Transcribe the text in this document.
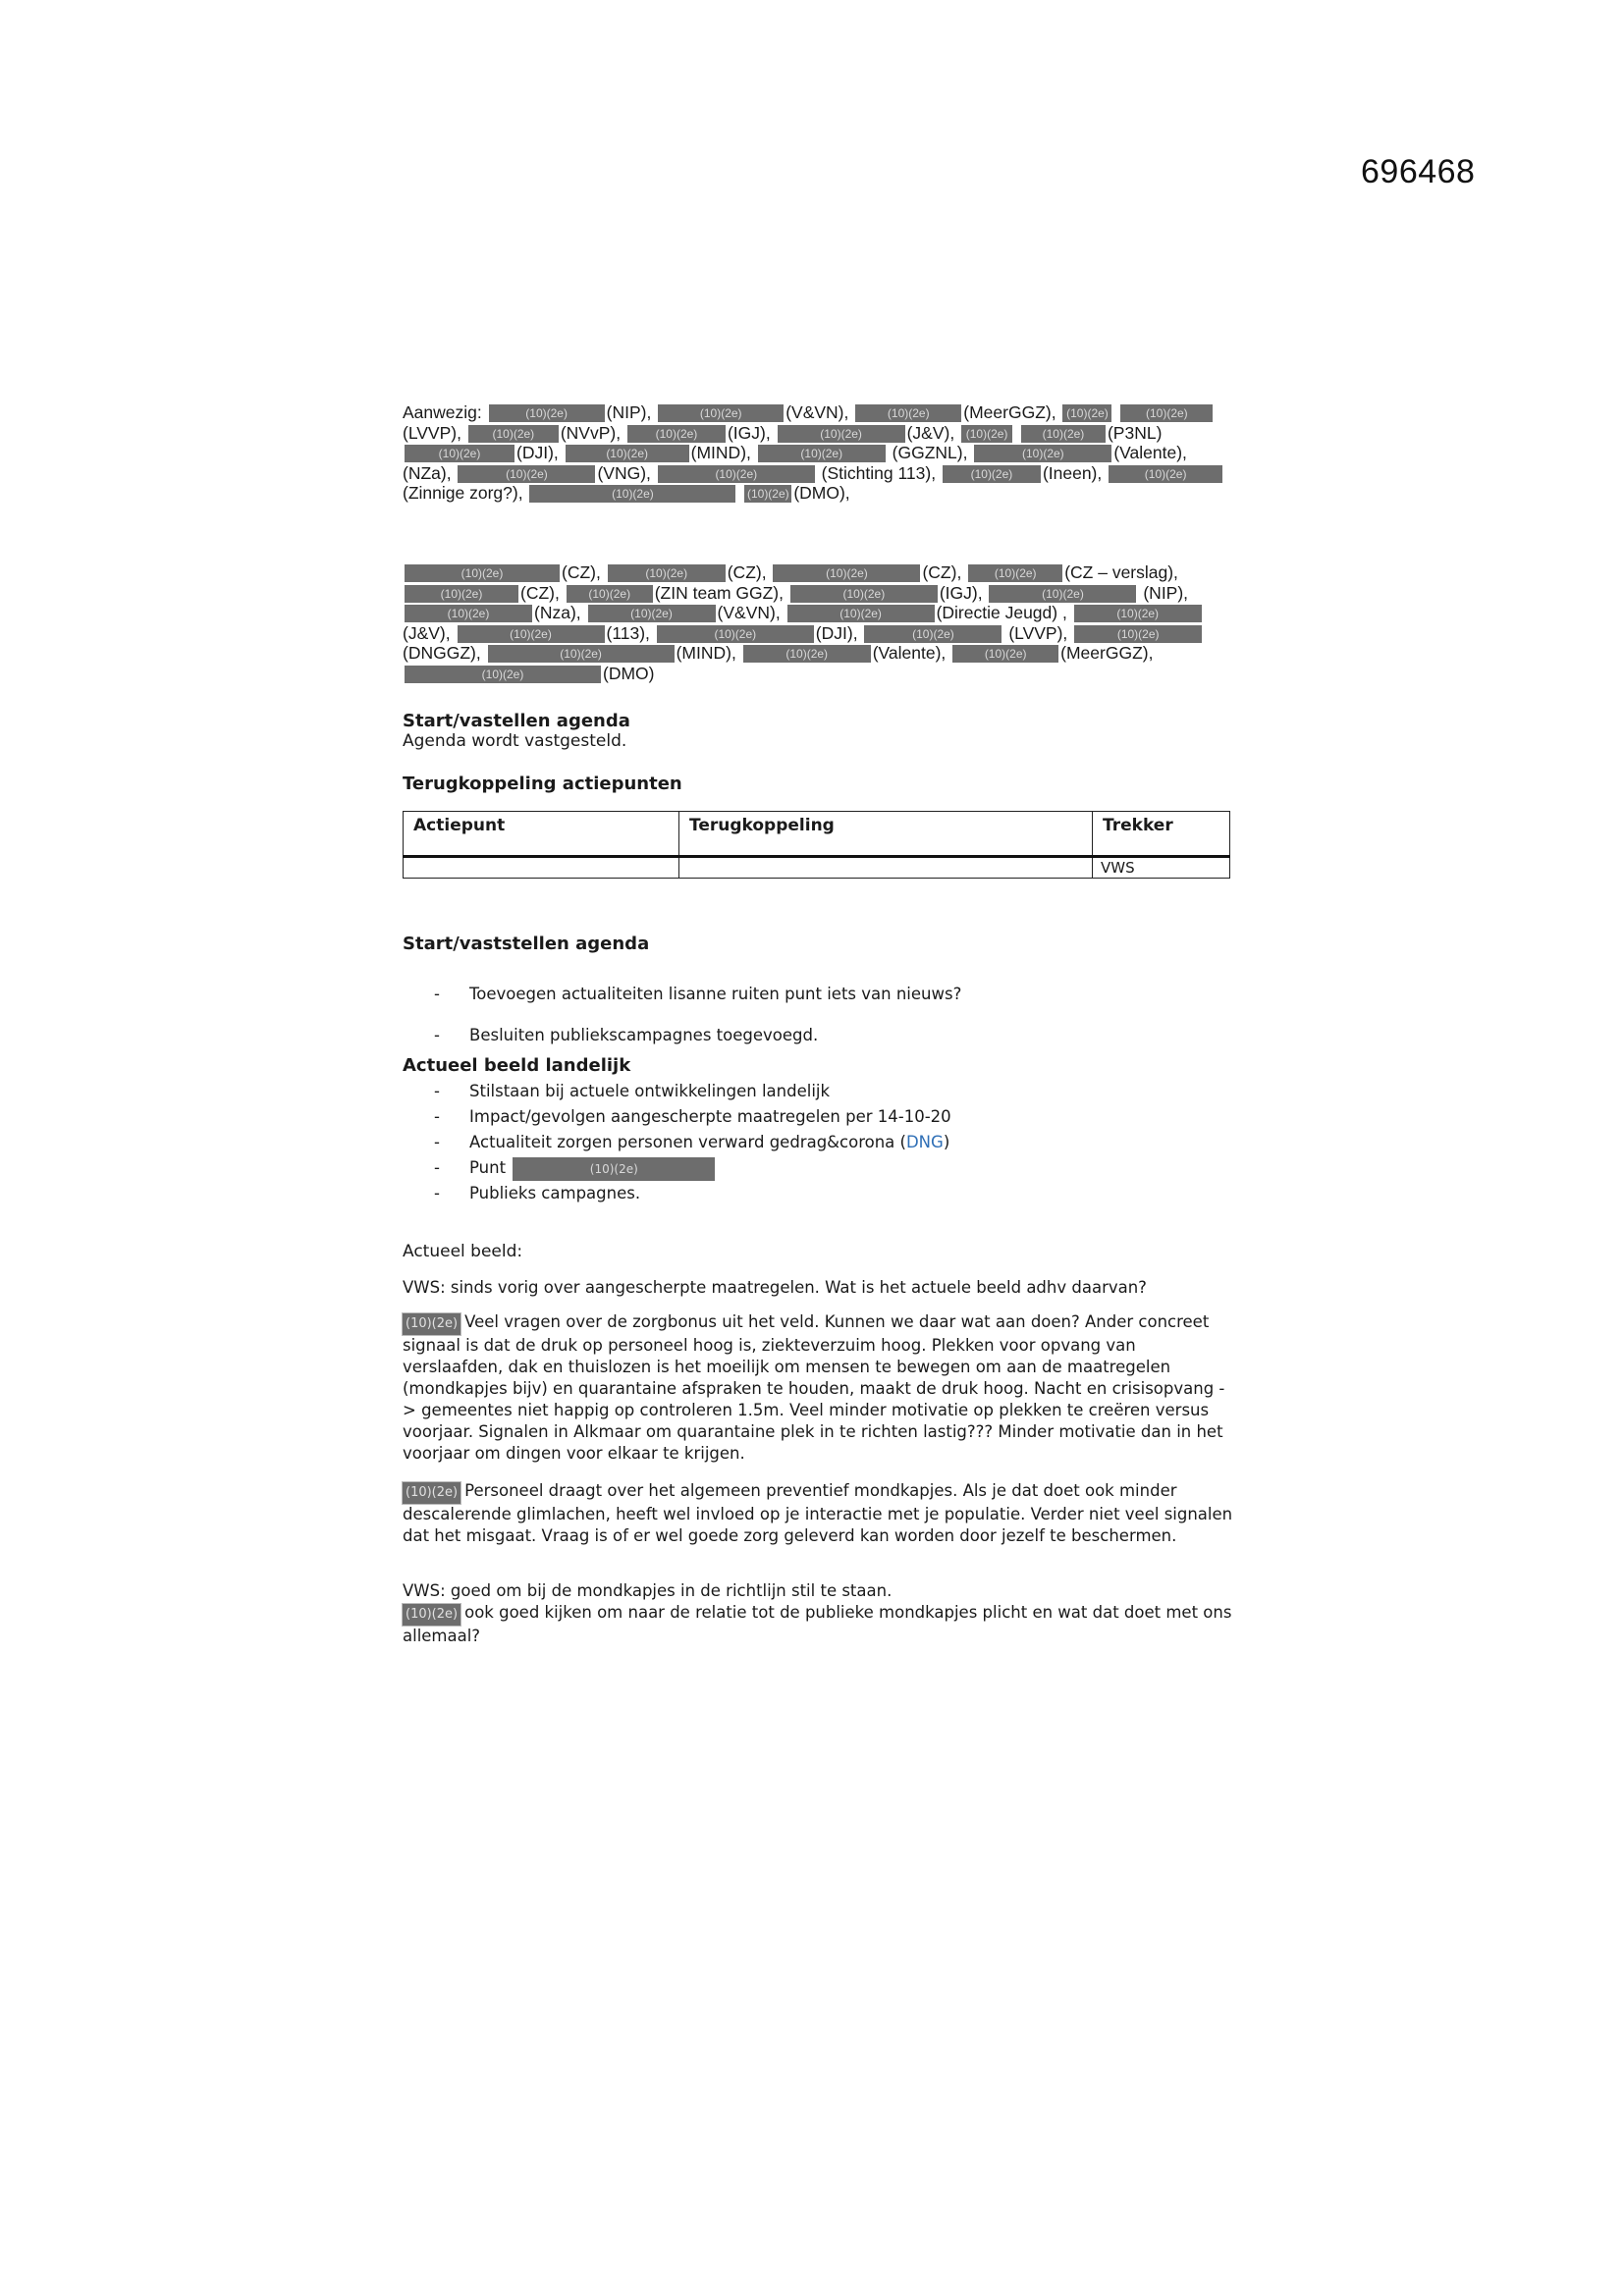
696468
Aanwezig:	(10)(2e) (NIP),	(10)(2e)	(V&VN),	(10)(2e) (MeerGGZ), (10)(2e)	(10)(2e)(LVVP),	(10)(2e) (NVvP),	(10)(2e) (IGJ),	(10)(2e)	(J&V), (10)(2e)	(10)(2e) (P3NL) (10)(2e) (DJI),	(10)(2e) (MIND),	(10)(2e)	(GGZNL),	(10)(2e)	(Valente), (NZa),	(10)(2e)	(VNG),	(10)(2e)	(Stichting 113),	(10)(2e) (Ineen),	(10)(2e)(Zinnige zorg?),	(10)(2e)	(10)(2e) (DMO),
(10)(2e)	(CZ),	(10)(2e) (CZ),	(10)(2e)	(CZ),	(10)(2e) (CZ – verslag), (10)(2e) (CZ), (10)(2e) (ZIN team GGZ),	(10)(2e)	(IGJ),	(10)(2e)	(NIP), (10)(2e)	(Nza),	(10)(2e)	(V&VN),	(10)(2e)	(Directie Jeugd) ,	(10)(2e)(J&V),	(10)(2e)	(113),	(10)(2e)	(DJI),	(10)(2e)	(LVVP),	(10)(2e)(DNGGZ),	(10)(2e)	(MIND),	(10)(2e)	(Valente),	(10)(2e) (MeerGGZ), (10)(2e)	(DMO)
Start/vastellen agenda
Agenda wordt vastgesteld.
Terugkoppeling actiepunten
Actiepunt	Terugkoppeling	Trekker
		VWS
Start/vaststellen agenda
- Toevoegen actualiteiten lisanne ruiten punt iets van nieuws?
- Besluiten publiekscampagnes toegevoegd.
Actueel beeld landelijk
- Stilstaan bij actuele ontwikkelingen landelijk
- Impact/gevolgen aangescherpte maatregelen per 14-10-20
- Actualiteit zorgen personen verward gedrag&corona (DNG)
- Punt	(10)(2e)
- Publieks campagnes.
Actueel beeld:
VWS: sinds vorig over aangescherpte maatregelen. Wat is het actuele beeld adhv daarvan?
(10)(2e) Veel vragen over de zorgbonus uit het veld. Kunnen we daar wat aan doen? Ander concreet signaal is dat de druk op personeel hoog is, ziekteverzuim hoog. Plekken voor opvang van verslaafden, dak en thuislozen is het moeilijk om mensen te bewegen om aan de maatregelen (mondkapjes bijv) en quarantaine afspraken te houden, maakt de druk hoog. Nacht en crisisopvang -> gemeentes niet happig op controleren 1.5m. Veel minder motivatie op plekken te creëren versus voorjaar. Signalen in Alkmaar om quarantaine plek in te richten lastig??? Minder motivatie dan in het voorjaar om dingen voor elkaar te krijgen.
(10)(2e) Personeel draagt over het algemeen preventief mondkapjes. Als je dat doet ook minder descalerende glimlachen, heeft wel invloed op je interactie met je populatie. Verder niet veel signalen dat het misgaat. Vraag is of er wel goede zorg geleverd kan worden door jezelf te beschermen.
VWS: goed om bij de mondkapjes in de richtlijn stil te staan.
(10)(2e) ook goed kijken om naar de relatie tot de publieke mondkapjes plicht en wat dat doet met ons allemaal?
